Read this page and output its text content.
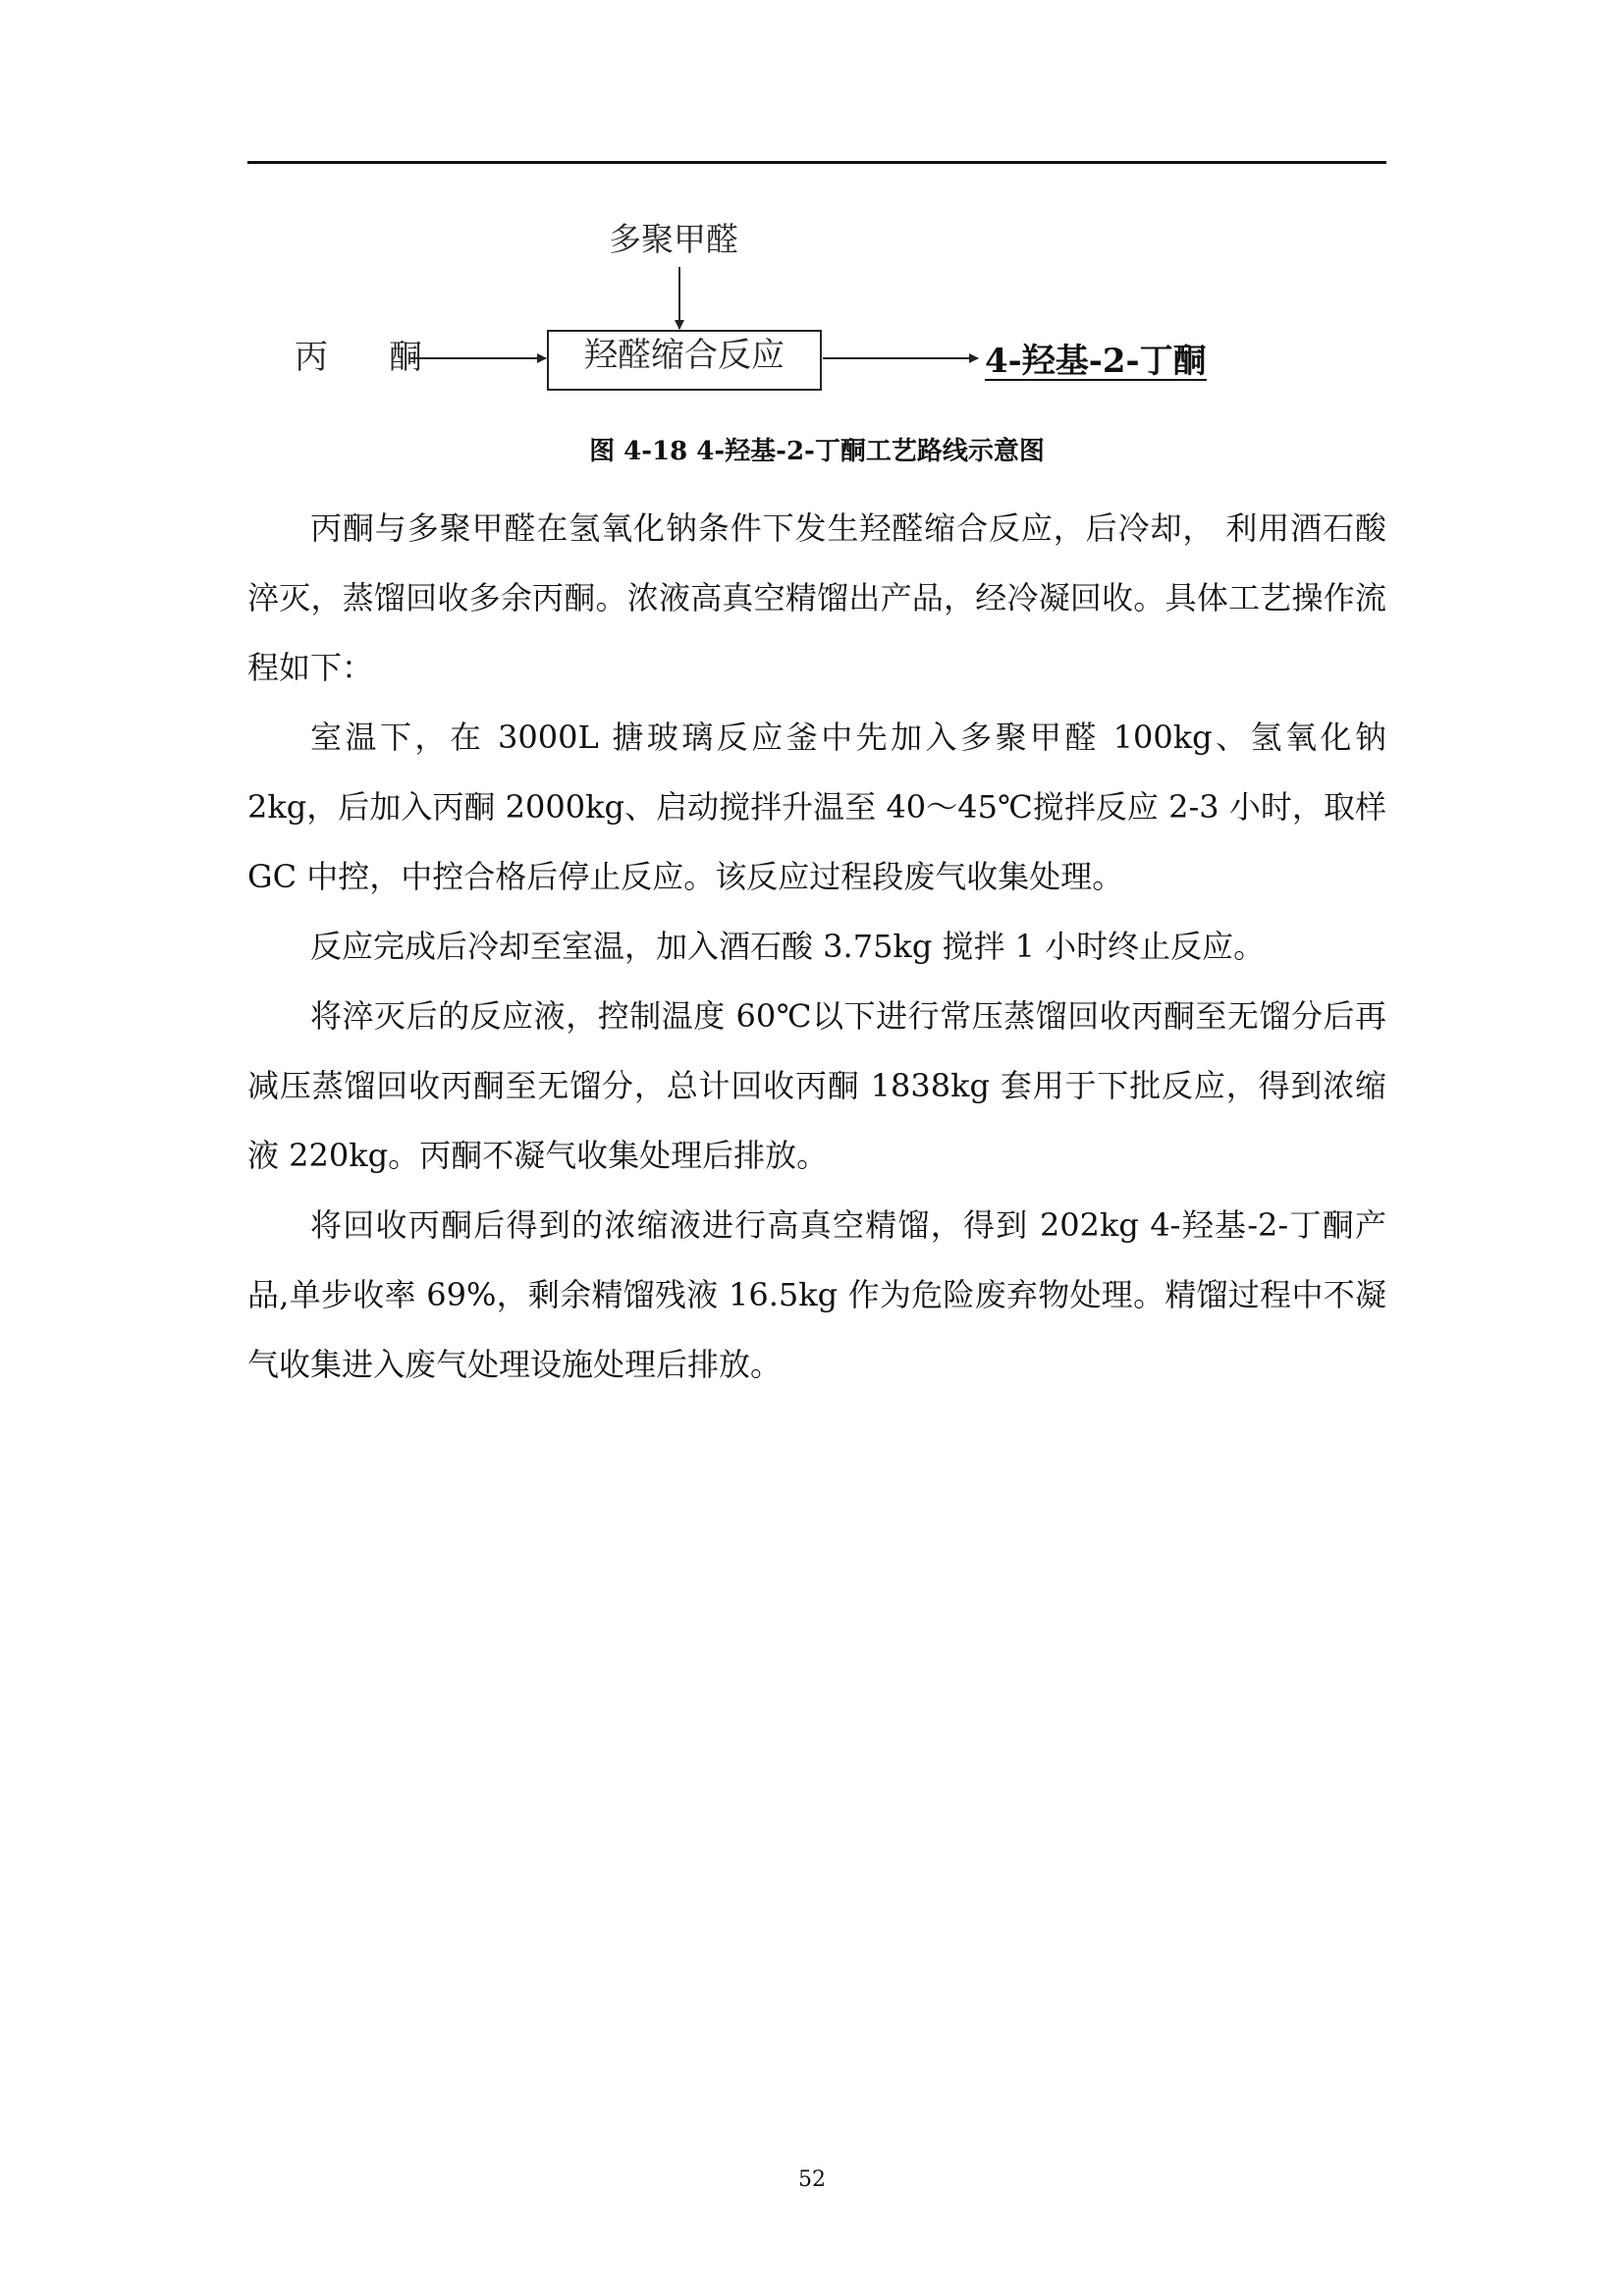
多聚甲醛
丙　酮	羟醛缩合反应	4-羟基-2-丁酮
图 4-18 4-羟基-2-丁酮工艺路线示意图

丙酮与多聚甲醛在氢氧化钠条件下发生羟醛缩合反应，后冷却， 利用酒石酸淬灭，蒸馏回收多余丙酮。浓液高真空精馏出产品，经冷凝回收。具体工艺操作流程如下：

室温下，在 3000L 搪玻璃反应釜中先加入多聚甲醛 100kg、氢氧化钠 2kg，后加入丙酮 2000kg、启动搅拌升温至 40～45℃搅拌反应 2-3 小时，取样 GC 中控，中控合格后停止反应。该反应过程段废气收集处理。

反应完成后冷却至室温，加入酒石酸 3.75kg 搅拌 1 小时终止反应。

将淬灭后的反应液，控制温度 60℃以下进行常压蒸馏回收丙酮至无馏分后再减压蒸馏回收丙酮至无馏分，总计回收丙酮 1838kg 套用于下批反应，得到浓缩液 220kg。丙酮不凝气收集处理后排放。

将回收丙酮后得到的浓缩液进行高真空精馏，得到 202kg 4-羟基-2-丁酮产品,单步收率 69%，剩余精馏残液 16.5kg 作为危险废弃物处理。精馏过程中不凝气收集进入废气处理设施处理后排放。

52
